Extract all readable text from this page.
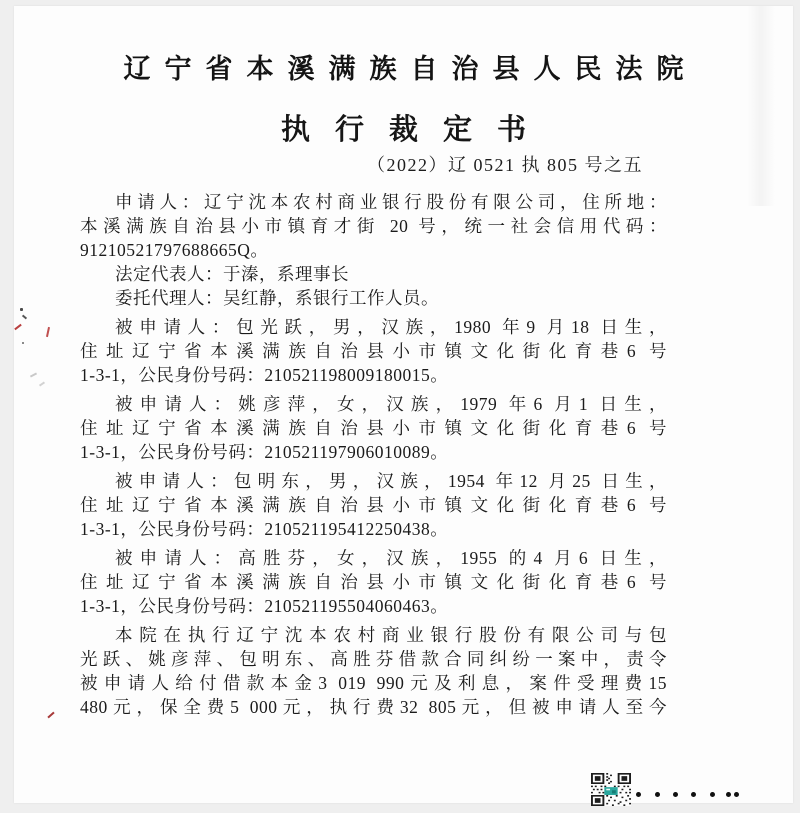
辽宁省本溪满族自治县人民法院
执行裁定书
（2022）辽 0521 执 805 号之五
申请人：辽宁沈本农村商业银行股份有限公司，住所地：
本溪满族自治县小市镇育才街 20 号，统一社会信用代码：
91210521797688665Q。
法定代表人：于溱，系理事长
委托代理人：吴红静，系银行工作人员。
被申请人：包光跃，男，汉族，1980 年9 月18 日生，
住址辽宁省本溪满族自治县小市镇文化街化育巷6 号
1-3-1，公民身份号码：210521198009180015。
被申请人：姚彦萍，女，汉族，1979 年6 月1 日生，
住址辽宁省本溪满族自治县小市镇文化街化育巷6 号
1-3-1，公民身份号码：210521197906010089。
被申请人：包明东，男，汉族，1954 年12 月25 日生，
住址辽宁省本溪满族自治县小市镇文化街化育巷6 号
1-3-1，公民身份号码：210521195412250438。
被申请人：高胜芬，女，汉族，1955 的4 月6 日生，
住址辽宁省本溪满族自治县小市镇文化街化育巷6 号
1-3-1，公民身份号码：210521195504060463。
本院在执行辽宁沈本农村商业银行股份有限公司与包
光跃、姚彦萍、包明东、高胜芬借款合同纠纷一案中，责令
被申请人给付借款本金3 019 990元及利息，案件受理费15
480元，保全费5 000元，执行费32 805元，但被申请人至今
